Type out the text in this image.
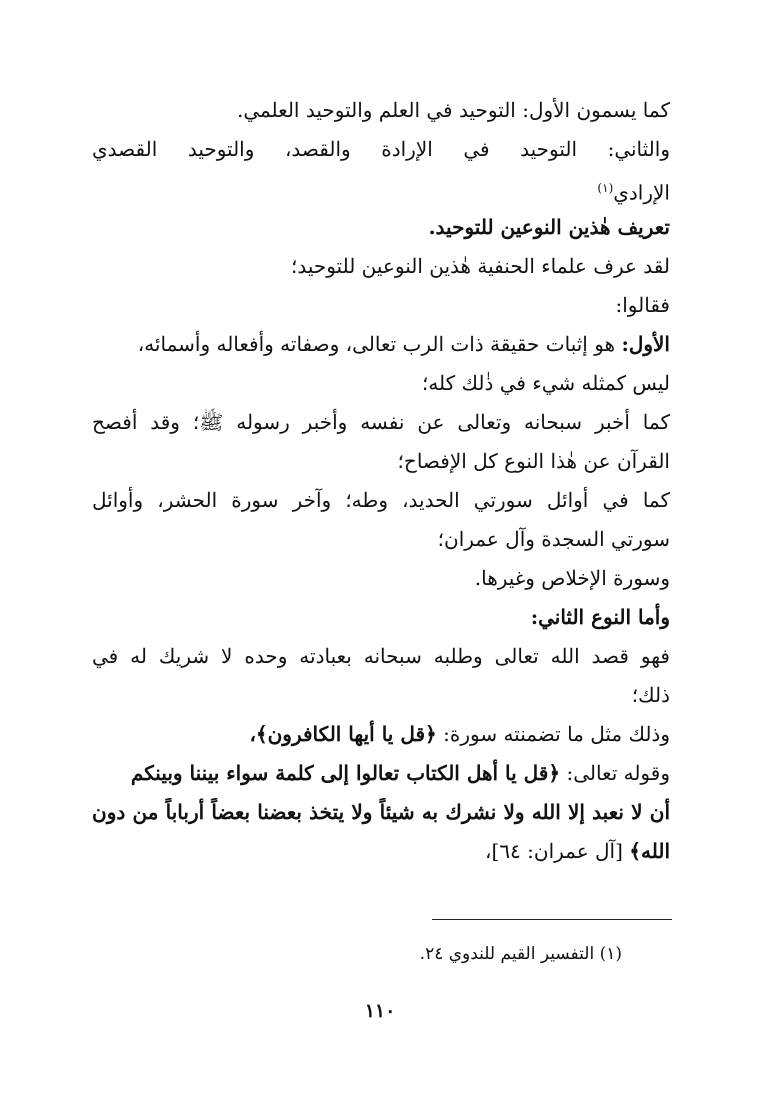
كما يسمون الأول: التوحيد في العلم والتوحيد العلمي.
والثاني: التوحيد في الإرادة والقصد، والتوحيد القصدي
الإرادي$^{(١)}$
تعريف هٰذين النوعين للتوحيد.
لقد عرف علماء الحنفية هٰذين النوعين للتوحيد؛
فقالوا:
الأول: هو إثبات حقيقة ذات الرب تعالى، وصفاته وأفعاله وأسمائه،
ليس كمثله شيء في ذٰلك كله؛
كما أخبر سبحانه وتعالى عن نفسه وأخبر رسوله ﷺ؛ وقد أفصح
القرآن عن هٰذا النوع كل الإفصاح؛
كما في أوائل سورتي الحديد، وطه؛ وآخر سورة الحشر، وأوائل
سورتي السجدة وآل عمران؛
وسورة الإخلاص وغيرها.
وأما النوع الثاني:
فهو قصد الله تعالى وطلبه سبحانه بعبادته وحده لا شريك له في
ذلك؛
وذلك مثل ما تضمنته سورة: ﴿قل يا أيها الكافرون﴾،
وقوله تعالى: ﴿قل يا أهل الكتاب تعالوا إلى كلمة سواء بيننا وبينكم
أن لا نعبد إلا الله ولا نشرك به شيئاً ولا يتخذ بعضنا بعضاً أرباباً من دون
الله﴾ [آل عمران: ٦٤]،
(١) التفسير القيم للندوي ٢٤.
١١٠
